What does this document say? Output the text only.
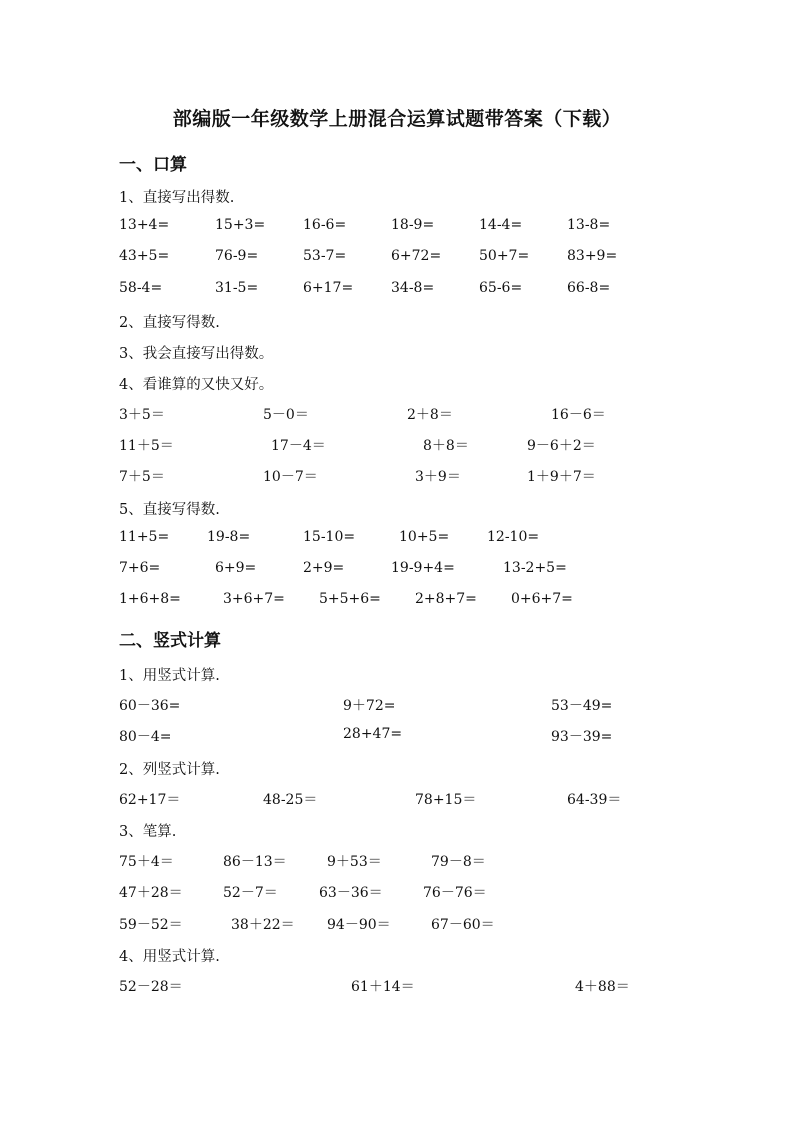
部编版一年级数学上册混合运算试题带答案（下载）
一、口算
1、直接写出得数.
13+4=	15+3=	16-6=	18-9=	14-4=	13-8=
43+5=	76-9=	53-7=	6+72=	50+7=	83+9=
58-4=	31-5=	6+17=	34-8=	65-6=	66-8=
2、直接写得数.
3、我会直接写出得数。
4、看谁算的又快又好。
3＋5＝	5－0＝	2＋8＝	16－6＝
11＋5＝	17－4＝	8＋8＝	9－6＋2＝
7＋5＝	10－7＝	3＋9＝	1＋9＋7＝
5、直接写得数.
11+5=	19-8=	15-10=	10+5=	12-10=
7+6=	6+9=	2+9=	19-9+4=	13-2+5=
1+6+8=	3+6+7= 5+5+6= 2+8+7= 0+6+7=
二、竖式计算
1、用竖式计算.
60－36=	9＋72=	53－49=
80－4=	28+47=	93－39=
2、列竖式计算.
62+17＝	48-25＝	78+15＝	64-39＝
3、笔算.
75＋4＝	86－13＝	9＋53＝	79－8＝
47＋28＝	52－7＝	63－36＝	76－76＝
59－52＝	38＋22＝ 94－90＝	67－60＝
4、用竖式计算.
52－28＝	61＋14＝	4＋88＝
